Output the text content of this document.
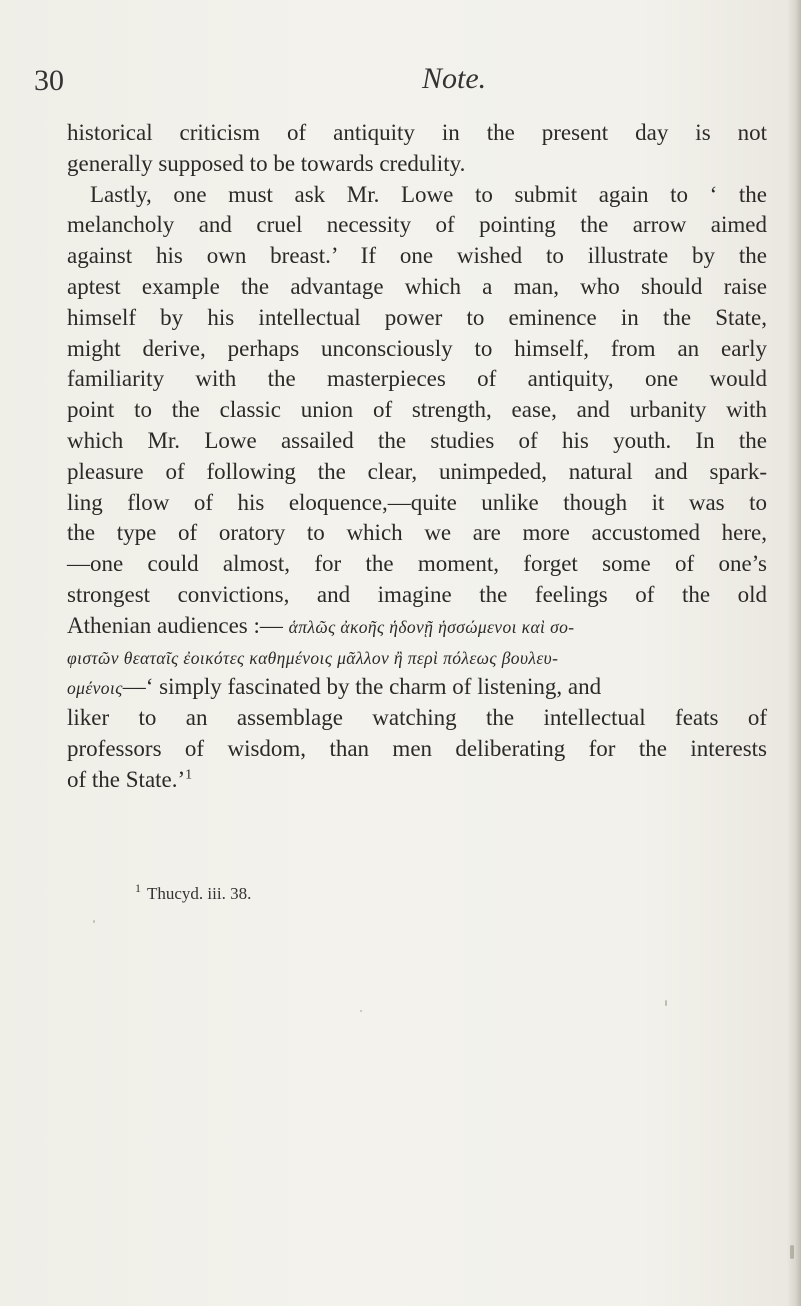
30	Note.
historical criticism of antiquity in the present day is not
generally supposed to be towards credulity.
Lastly, one must ask Mr. Lowe to submit again to ‘ the
melancholy and cruel necessity of pointing the arrow aimed
against his own breast.’ If one wished to illustrate by the
aptest example the advantage which a man, who should raise
himself by his intellectual power to eminence in the State,
might derive, perhaps unconsciously to himself, from an early
familiarity with the masterpieces of antiquity, one would
point to the classic union of strength, ease, and urbanity with
which Mr. Lowe assailed the studies of his youth. In the
pleasure of following the clear, unimpeded, natural and spark-
ling flow of his eloquence,—quite unlike though it was to
the type of oratory to which we are more accustomed here,
—one could almost, for the moment, forget some of one’s
strongest convictions, and imagine the feelings of the old
Athenian audiences :— ἁπλῶς ἀκοῆς ἡδονῇ ἡσσώμενοι καὶ σο-
φιστῶν θεαταῖς ἐοικότες καθημένοις μᾶλλον ἢ περὶ πόλεως βουλευ-
ομένοις—‘ simply fascinated by the charm of listening, and
liker to an assemblage watching the intellectual feats of
professors of wisdom, than men deliberating for the interests
of the State.’$^1$
$^1$ Thucyd. iii. 38.
